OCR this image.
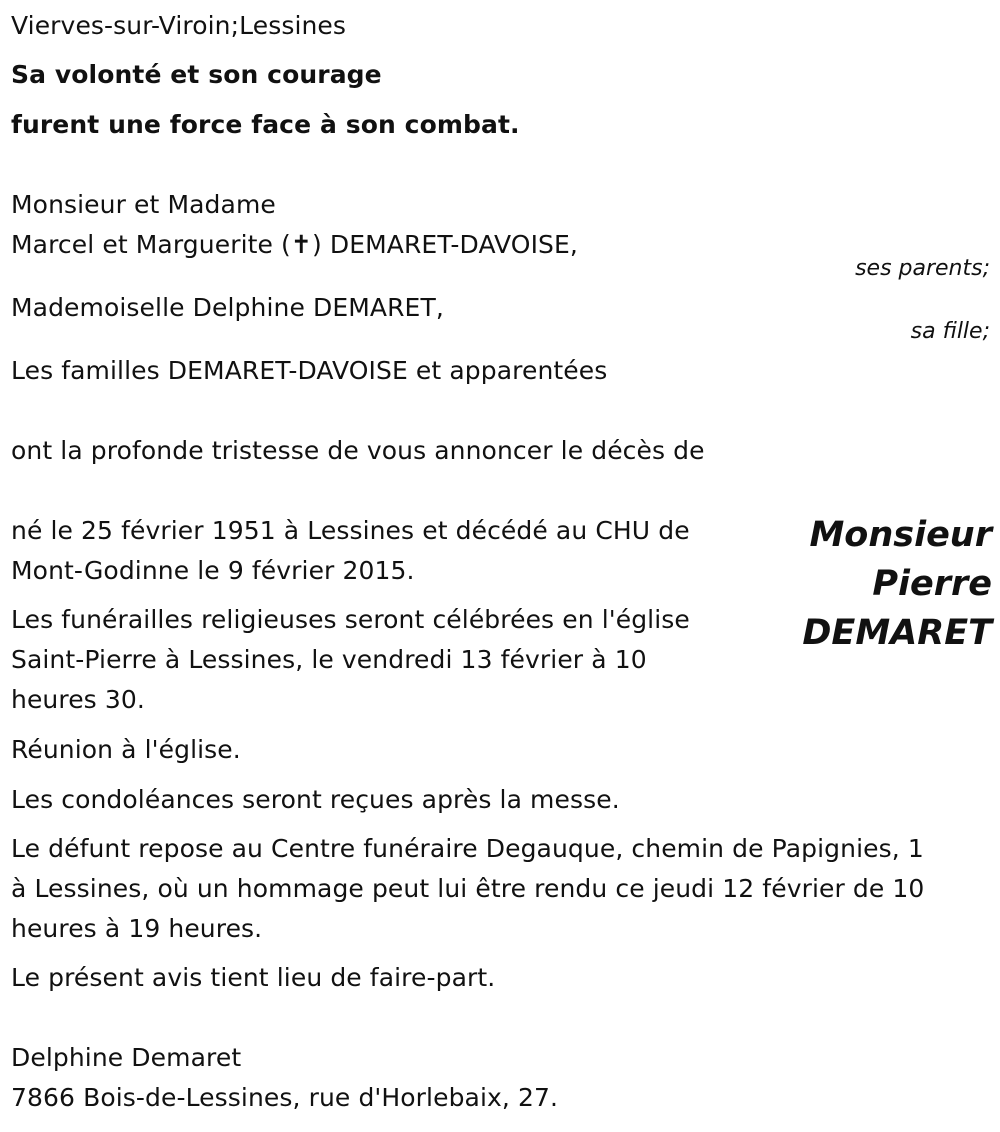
Vierves-sur-Viroin;Lessines
Sa volonté et son courage
furent une force face à son combat.
Monsieur et Madame
Marcel et Marguerite (✝) DEMARET-DAVOISE,
ses parents;
Mademoiselle Delphine DEMARET,
sa fille;
Les familles DEMARET-DAVOISE et apparentées
ont la profonde tristesse de vous annoncer le décès de
Monsieur
Pierre
DEMARET
né le 25 février 1951 à Lessines et décédé au CHU de
Mont-Godinne le 9 février 2015.
Les funérailles religieuses seront célébrées en l'église
Saint-Pierre à Lessines, le vendredi 13 février à 10
heures 30.
Réunion à l'église.
Les condoléances seront reçues après la messe.
Le défunt repose au Centre funéraire Degauque, chemin de Papignies, 1
à Lessines, où un hommage peut lui être rendu ce jeudi 12 février de 10
heures à 19 heures.
Le présent avis tient lieu de faire-part.
Delphine Demaret
7866 Bois-de-Lessines, rue d'Horlebaix, 27.
